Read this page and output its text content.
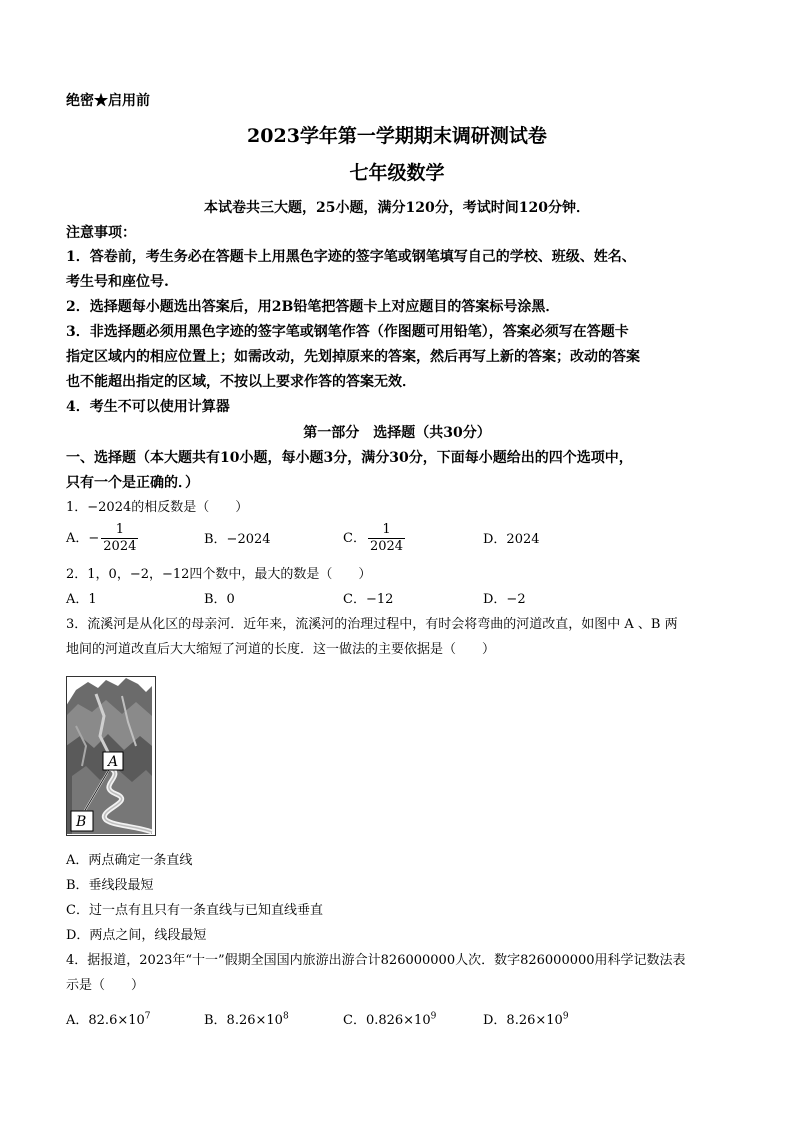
绝密★启用前
2023学年第一学期期末调研测试卷
七年级数学
本试卷共三大题，25小题，满分120分，考试时间120分钟．
注意事项：
1．答卷前，考生务必在答题卡上用黑色字迹的签字笔或钢笔填写自己的学校、班级、姓名、
考生号和座位号.
2．选择题每小题选出答案后，用2B铅笔把答题卡上对应题目的答案标号涂黑．
3．非选择题必须用黑色字迹的签字笔或钢笔作答（作图题可用铅笔），答案必须写在答题卡
指定区域内的相应位置上；如需改动，先划掉原来的答案，然后再写上新的答案；改动的答案
也不能超出指定的区域，不按以上要求作答的答案无效．
4．考生不可以使用计算器
第一部分　选择题（共30分）
一、选择题（本大题共有10小题，每小题3分，满分30分，下面每小题给出的四个选项中，
只有一个是正确的．）
1．−2024的相反数是（　　）
A．− $\frac{1}{2024}$	B．−2024	C． $\frac{1}{2024}$	D．2024
2．1，0，−2，−12四个数中，最大的数是（　　）
A．1	B．0	C．−12	D．−2
3．流溪河是从化区的母亲河．近年来，流溪河的治理过程中，有时会将弯曲的河道改直，如图中 A 、B 两
地间的河道改直后大大缩短了河道的长度．这一做法的主要依据是（　　）
A
B
A．两点确定一条直线
B．垂线段最短
C．过一点有且只有一条直线与已知直线垂直
D．两点之间，线段最短
4．据报道，2023年“十一”假期全国国内旅游出游合计826000000人次．数字826000000用科学记数法表
示是（　　）
A．$82.6\times 10^7$	B．$8.26\times 10^8$	C．$0.826\times 10^9$	D．$8.26\times 10^9$
